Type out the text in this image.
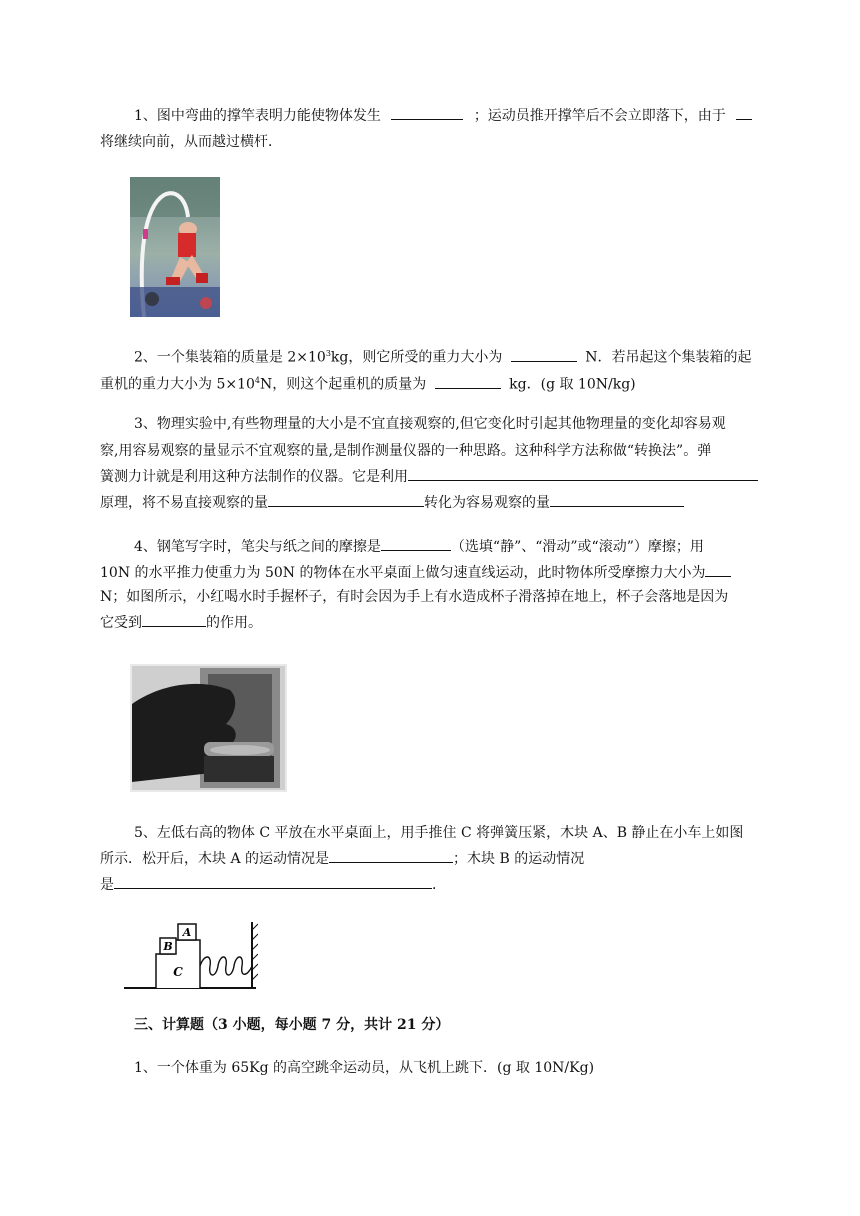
1、图中弯曲的撑竿表明力能使物体发生	；运动员推开撑竿后不会立即落下，由于
将继续向前，从而越过横杆．
2、一个集装箱的质量是 $2\times 10^3kg$，则它所受的重力大小为	N．若吊起这个集装箱的起
重机的重力大小为 $5\times 10^4N$，则这个起重机的质量为	kg．(g 取 10N/kg)
3、物理实验中,有些物理量的大小是不宜直接观察的,但它变化时引起其他物理量的变化却容易观
察,用容易观察的量显示不宜观察的量,是制作测量仪器的一种思路。这种科学方法称做“转换法”。弹
簧测力计就是利用这种方法制作的仪器。它是利用
原理，将不易直接观察的量	转化为容易观察的量
4、钢笔写字时，笔尖与纸之间的摩擦是	（选填“静”、“滑动”或“滚动”）摩擦；用
10N 的水平推力使重力为 50N 的物体在水平桌面上做匀速直线运动，此时物体所受摩擦力大小为
N；如图所示，小红喝水时手握杯子，有时会因为手上有水造成杯子滑落掉在地上，杯子会落地是因为
它受到	的作用。
5、左低右高的物体 C 平放在水平桌面上，用手推住 C 将弹簧压紧，木块 A、B 静止在小车上如图
所示．松开后，木块 A 的运动情况是	；木块 B 的运动情况
是	．
A
B
C
三、计算题（3 小题，每小题 7 分，共计 21 分）
1、一个体重为 65Kg 的高空跳伞运动员，从飞机上跳下．(g 取 10N/Kg)
